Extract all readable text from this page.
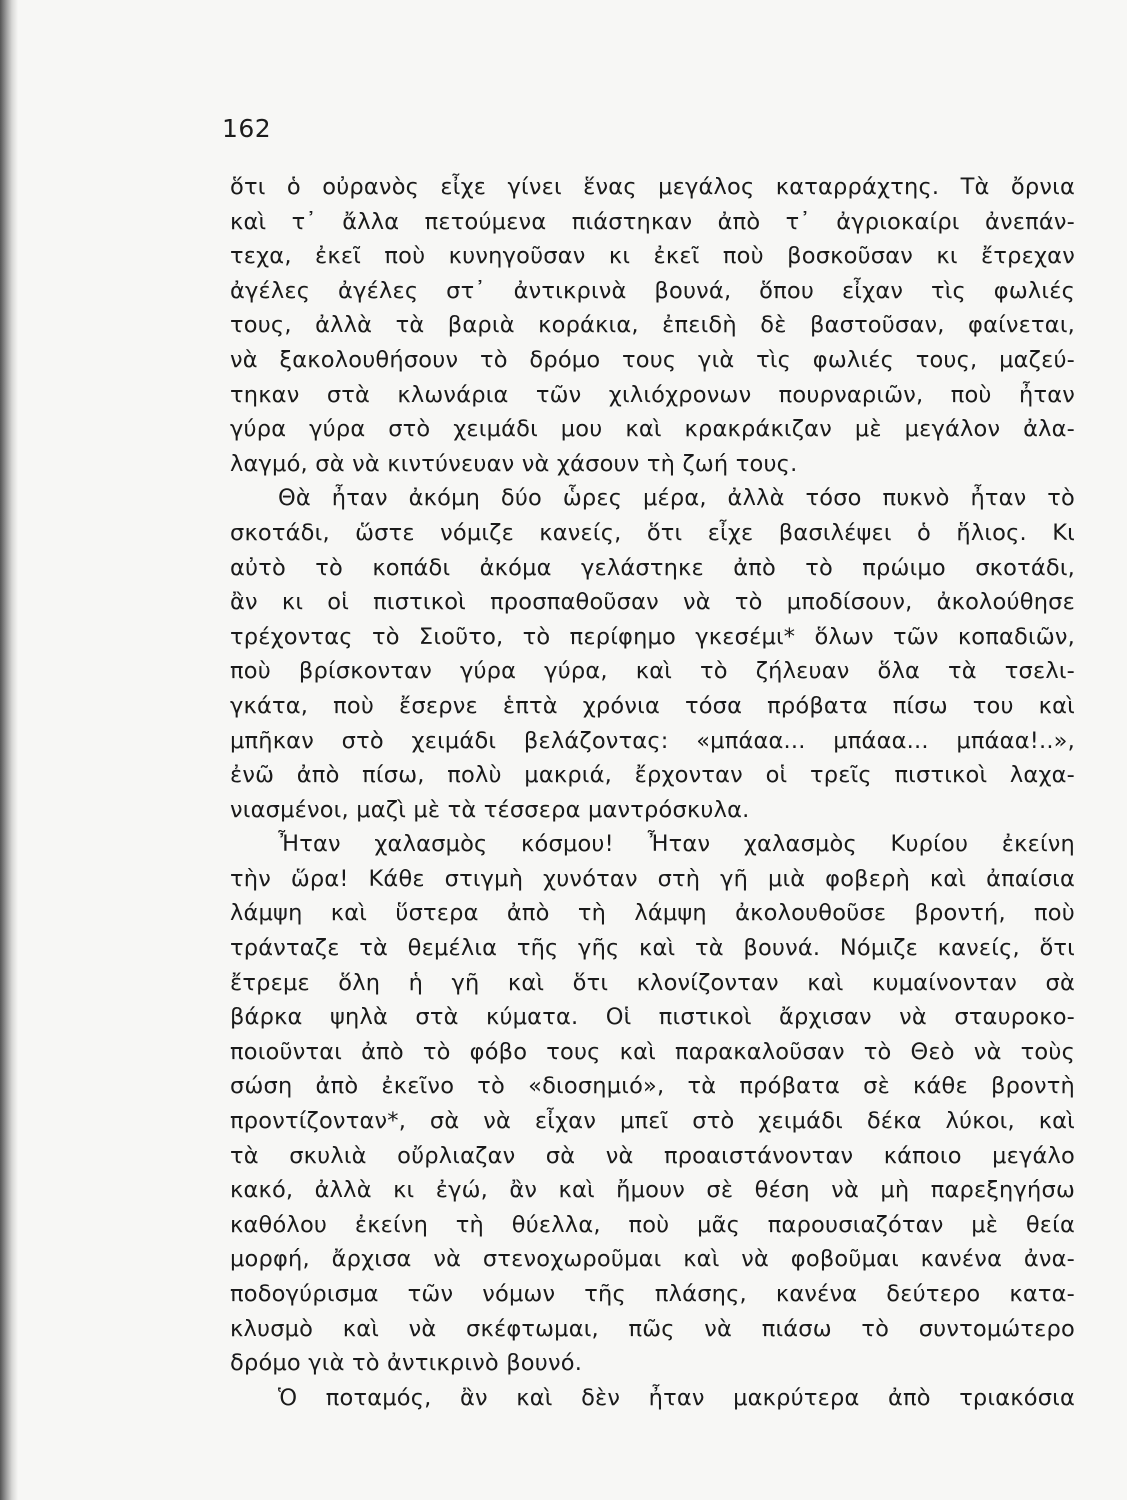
162
ὅτι ὁ οὐρανὸς εἶχε γίνει ἕνας μεγάλος καταρράχτης. Τὰ ὄρνια
καὶ τ᾽ ἄλλα πετούμενα πιάστηκαν ἀπὸ τ᾽ ἀγριοκαίρι ἀνεπάν-
τεχα, ἐκεῖ ποὺ κυνηγοῦσαν κι ἐκεῖ ποὺ βοσκοῦσαν κι ἔτρεχαν
ἀγέλες ἀγέλες στ᾽ ἀντικρινὰ βουνά, ὅπου εἶχαν τὶς φωλιές
τους, ἀλλὰ τὰ βαριὰ κοράκια, ἐπειδὴ δὲ βαστοῦσαν, φαίνεται,
νὰ ξακολουθήσουν τὸ δρόμο τους γιὰ τὶς φωλιές τους, μαζεύ-
τηκαν στὰ κλωνάρια τῶν χιλιόχρονων πουρναριῶν, ποὺ ἦταν
γύρα γύρα στὸ χειμάδι μου καὶ κρακράκιζαν μὲ μεγάλον ἀλα-
λαγμό, σὰ νὰ κιντύνευαν νὰ χάσουν τὴ ζωή τους.
Θὰ ἦταν ἀκόμη δύο ὧρες μέρα, ἀλλὰ τόσο πυκνὸ ἦταν τὸ
σκοτάδι, ὥστε νόμιζε κανείς, ὅτι εἶχε βασιλέψει ὁ ἥλιος. Κι
αὐτὸ τὸ κοπάδι ἀκόμα γελάστηκε ἀπὸ τὸ πρώιμο σκοτάδι,
ἂν κι οἱ πιστικοὶ προσπαθοῦσαν νὰ τὸ μποδίσουν, ἀκολούθησε
τρέχοντας τὸ Σιοῦτο, τὸ περίφημο γκεσέμι* ὅλων τῶν κοπαδιῶν,
ποὺ βρίσκονταν γύρα γύρα, καὶ τὸ ζήλευαν ὅλα τὰ τσελι-
γκάτα, ποὺ ἔσερνε ἑπτὰ χρόνια τόσα πρόβατα πίσω του καὶ
μπῆκαν στὸ χειμάδι βελάζοντας: «μπάαα... μπάαα... μπάαα!..»,
ἐνῶ ἀπὸ πίσω, πολὺ μακριά, ἔρχονταν οἱ τρεῖς πιστικοὶ λαχα-
νιασμένοι, μαζὶ μὲ τὰ τέσσερα μαντρόσκυλα.
Ἦταν χαλασμὸς κόσμου! Ἦταν χαλασμὸς Κυρίου ἐκείνη
τὴν ὥρα! Κάθε στιγμὴ χυνόταν στὴ γῆ μιὰ φοβερὴ καὶ ἀπαίσια
λάμψη καὶ ὕστερα ἀπὸ τὴ λάμψη ἀκολουθοῦσε βροντή, ποὺ
τράνταζε τὰ θεμέλια τῆς γῆς καὶ τὰ βουνά. Νόμιζε κανείς, ὅτι
ἔτρεμε ὅλη ἡ γῆ καὶ ὅτι κλονίζονταν καὶ κυμαίνονταν σὰ
βάρκα ψηλὰ στὰ κύματα. Οἱ πιστικοὶ ἄρχισαν νὰ σταυροκο-
ποιοῦνται ἀπὸ τὸ φόβο τους καὶ παρακαλοῦσαν τὸ Θεὸ νὰ τοὺς
σώση ἀπὸ ἐκεῖνο τὸ «διοσημιό», τὰ πρόβατα σὲ κάθε βροντὴ
προντίζονταν*, σὰ νὰ εἶχαν μπεῖ στὸ χειμάδι δέκα λύκοι, καὶ
τὰ σκυλιὰ οὔρλιαζαν σὰ νὰ προαιστάνονταν κάποιο μεγάλο
κακό, ἀλλὰ κι ἐγώ, ἂν καὶ ἤμουν σὲ θέση νὰ μὴ παρεξηγήσω
καθόλου ἐκείνη τὴ θύελλα, ποὺ μᾶς παρουσιαζόταν μὲ θεία
μορφή, ἄρχισα νὰ στενοχωροῦμαι καὶ νὰ φοβοῦμαι κανένα ἀνα-
ποδογύρισμα τῶν νόμων τῆς πλάσης, κανένα δεύτερο κατα-
κλυσμὸ καὶ νὰ σκέφτωμαι, πῶς νὰ πιάσω τὸ συντομώτερο
δρόμο γιὰ τὸ ἀντικρινὸ βουνό.
Ὁ ποταμός, ἂν καὶ δὲν ἦταν μακρύτερα ἀπὸ τριακόσια
